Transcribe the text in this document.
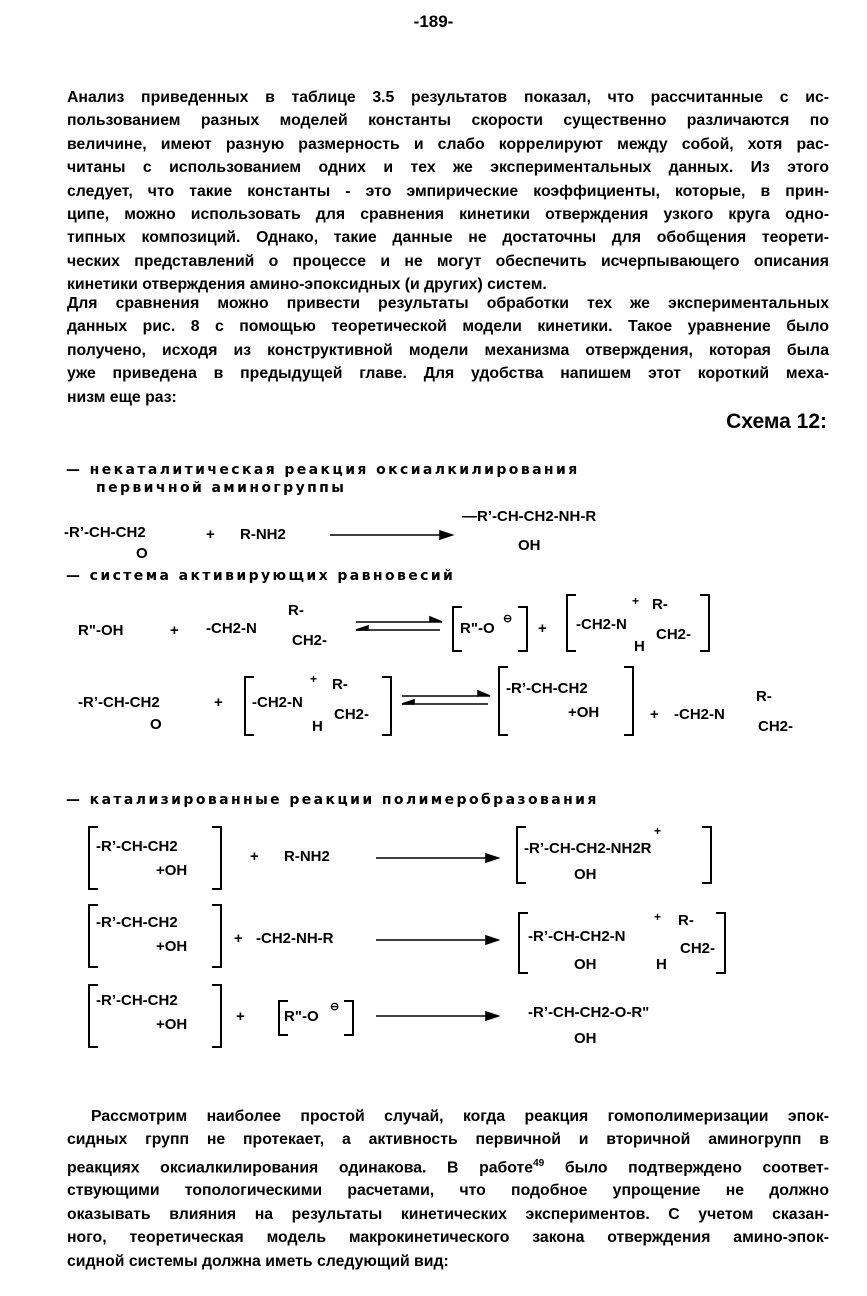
-189-
Анализ приведенных в таблице 3.5 результатов показал, что рассчитанные с ис-
пользованием разных моделей константы скорости существенно различаются по
величине, имеют разную размерность и слабо коррелируют между собой, хотя рас-
читаны с использованием одних и тех же экспериментальных данных. Из этого
следует, что такие константы - это эмпирические коэффициенты, которые, в прин-
ципе, можно использовать для сравнения кинетики отверждения узкого круга одно-
типных композиций. Однако, такие данные не достаточны для обобщения теорети-
ческих представлений о процессе и не могут обеспечить исчерпывающего описания
кинетики отверждения амино-эпоксидных (и других) систем.
Для сравнения можно привести результаты обработки тех же экспериментальных
данных рис. 8 с помощью теоретической модели кинетики. Такое уравнение было
получено, исходя из конструктивной модели механизма отверждения, которая была
уже приведена в предыдущей главе. Для удобства напишем этот короткий меха-
низм еще раз:
Схема 12:
— некаталитическая реакция оксиалкилирования
первичной аминогруппы
— система активирующих равновесий
— катализированные реакции полимеробразования
-R’-CH-CH2
O
+ R-NH2
—R’-CH-CH2-NH-R
OH
R"-OH	+ -CH2-N
R-
CH2-
R"-O
⊖
+ -CH2-N
+ R-
CH2-
H
-R’-CH-CH2
O
+ -CH2-N
+ R-
CH2-
H
-R’-CH-CH2
+OH	+ -CH2-N
R-
CH2-
-R’-CH-CH2
+OH
+ R-NH2	-R’-CH-CH2-NH2R
+
OH
-R’-CH-CH2
+OH	+ -CH2-NH-R	-R’-CH-CH2-N
+ R-
CH2-
OH	H
-R’-CH-CH2
+OH	+	R"-O
⊖	-R’-CH-CH2-O-R"
OH
Рассмотрим наиболее простой случай, когда реакция гомополимеризации эпок-
сидных групп не протекает, а активность первичной и вторичной аминогрупп в
реакциях оксиалкилирования одинакова. В работе$^{49}$ было подтверждено соответ-
ствующими топологическими расчетами, что подобное упрощение не должно
оказывать влияния на результаты кинетических экспериментов. С учетом сказан-
ного, теоретическая модель макрокинетического закона отверждения амино-эпок-
сидной системы должна иметь следующий вид:
